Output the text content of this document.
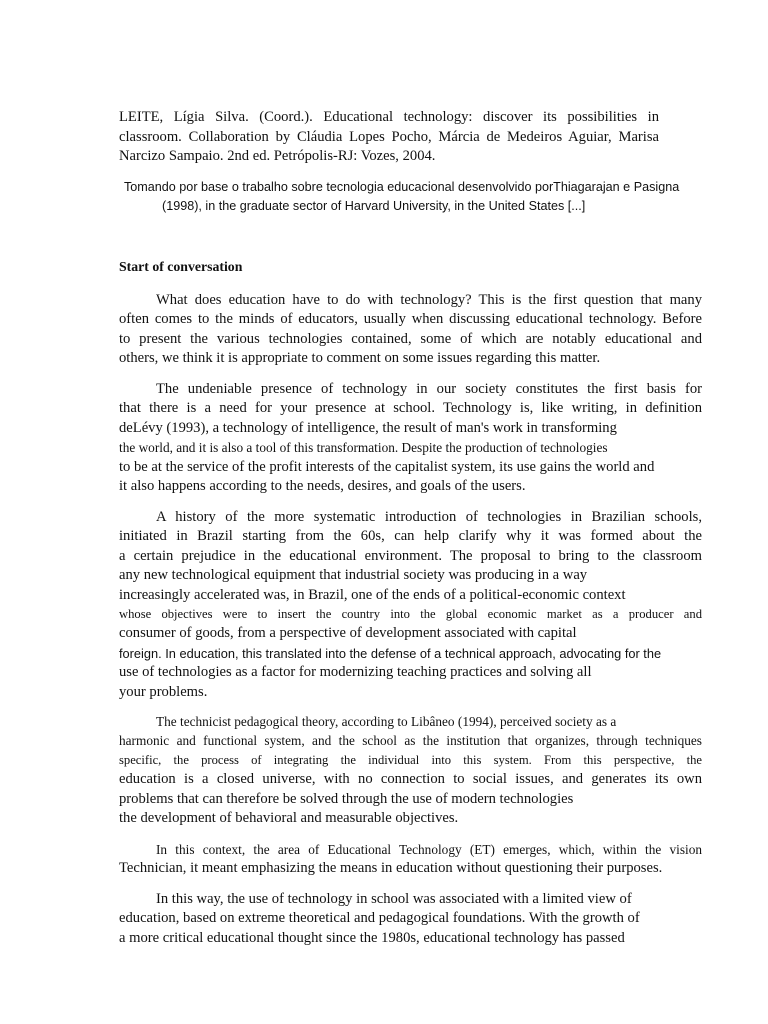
LEITE, Lígia Silva. (Coord.). Educational technology: discover its possibilities in
classroom. Collaboration by Cláudia Lopes Pocho, Márcia de Medeiros Aguiar, Marisa
Narcizo Sampaio. 2nd ed. Petrópolis-RJ: Vozes, 2004.

Tomando por base o trabalho sobre tecnologia educacional desenvolvido porThiagarajan e Pasigna
(1998), in the graduate sector of Harvard University, in the United States [...]

Start of conversation

What does education have to do with technology? This is the first question that many
often comes to the minds of educators, usually when discussing educational technology. Before
to present the various technologies contained, some of which are notably educational and
others, we think it is appropriate to comment on some issues regarding this matter.

The undeniable presence of technology in our society constitutes the first basis for
that there is a need for your presence at school. Technology is, like writing, in definition
deLévy (1993), a technology of intelligence, the result of man's work in transforming
the world, and it is also a tool of this transformation. Despite the production of technologies
to be at the service of the profit interests of the capitalist system, its use gains the world and
it also happens according to the needs, desires, and goals of the users.

A history of the more systematic introduction of technologies in Brazilian schools,
initiated in Brazil starting from the 60s, can help clarify why it was formed about the
a certain prejudice in the educational environment. The proposal to bring to the classroom
any new technological equipment that industrial society was producing in a way
increasingly accelerated was, in Brazil, one of the ends of a political-economic context
whose objectives were to insert the country into the global economic market as a producer and
consumer of goods, from a perspective of development associated with capital
foreign. In education, this translated into the defense of a technical approach, advocating for the
use of technologies as a factor for modernizing teaching practices and solving all
your problems.

The technicist pedagogical theory, according to Libâneo (1994), perceived society as a
harmonic and functional system, and the school as the institution that organizes, through techniques
specific, the process of integrating the individual into this system. From this perspective, the
education is a closed universe, with no connection to social issues, and generates its own
problems that can therefore be solved through the use of modern technologies
the development of behavioral and measurable objectives.

In this context, the area of Educational Technology (ET) emerges, which, within the vision
Technician, it meant emphasizing the means in education without questioning their purposes.

In this way, the use of technology in school was associated with a limited view of
education, based on extreme theoretical and pedagogical foundations. With the growth of
a more critical educational thought since the 1980s, educational technology has passed
